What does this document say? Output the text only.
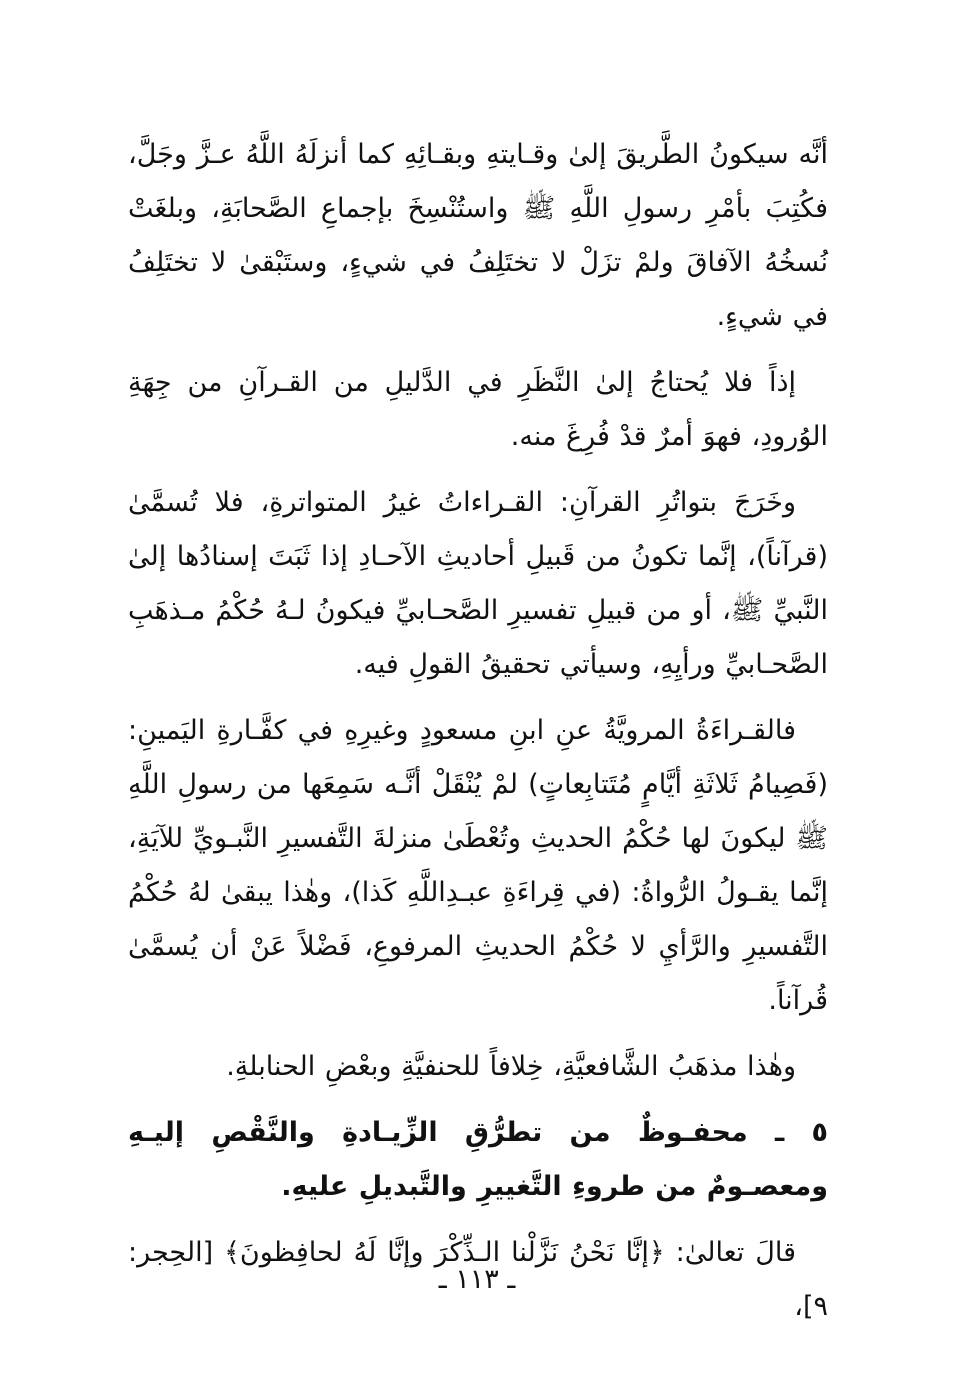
أنَّه سيكونُ الطَّريقَ إلىٰ وقـايتهِ وبقـائِهِ كما أنزلَهُ اللَّهُ عـزَّ وجَلَّ، فكُتِبَ بأمْرِ رسولِ اللَّهِ ﷺ واستُنْسِخَ بإجماعِ الصَّحابَةِ، وبلغَتْ نُسخُهُ الآفاقَ ولمْ تزَلْ لا تختَلِفُ في شيءٍ، وستَبْقىٰ لا تختَلِفُ في شيءٍ.

إذاً فلا يُحتاجُ إلىٰ النَّظَرِ في الدَّليلِ من القـرآنِ من جِهَةِ الوُرودِ، فهوَ أمرٌ قدْ فُرِغَ منه.

وخَرَجَ بتواتُرِ القرآنِ: القـراءاتُ غيرُ المتواترةِ، فلا تُسمَّىٰ (قرآناً)، إنَّما تكونُ من قَبيلِ أحاديثِ الآحـادِ إذا ثَبَتَ إسنادُها إلىٰ النَّبيِّ ﷺ، أو من قبيلِ تفسيرِ الصَّحـابيِّ فيكونُ لـهُ حُكْمُ مـذهَبِ الصَّحـابيِّ ورأيِهِ، وسيأتي تحقيقُ القولِ فيه.

فالقـراءَةُ المرويَّةُ عنِ ابنِ مسعودٍ وغيرِهِ في كفَّـارةِ اليَمينِ: (فَصِيامُ ثَلاثَةِ أيَّامٍ مُتَتابِعاتٍ) لمْ يُنْقَلْ أنَّـه سَمِعَها من رسولِ اللَّهِ ﷺ ليكونَ لها حُكْمُ الحديثِ وتُعْطَىٰ منزلةَ التَّفسيرِ النَّبـويِّ للآيَةِ، إنَّما يقـولُ الرُّواةُ: (في قِراءَةِ عبـدِاللَّهِ كَذا)، وهٰذا يبقىٰ لهُ حُكْمُ التَّفسيرِ والرَّأيِ لا حُكْمُ الحديثِ المرفوعِ، فَضْلاً عَنْ أن يُسمَّىٰ قُرآناً.

وهٰذا مذهَبُ الشَّافعيَّةِ، خِلافاً للحنفيَّةِ وبعْضِ الحنابلةِ.

٥ ـ محفـوظٌ من تطرُّقِ الزِّيـادةِ والنَّقْصِ إليـهِ ومعصـومٌ من طروءِ التَّغييرِ والتَّبديلِ عليهِ.

قالَ تعالىٰ: ﴿إنَّا نَحْنُ نَزَّلْنا الـذِّكْرَ وإنَّا لَهُ لحافِظونَ﴾ [الحِجر: ٩]،

ـ ١١٣ ـ
